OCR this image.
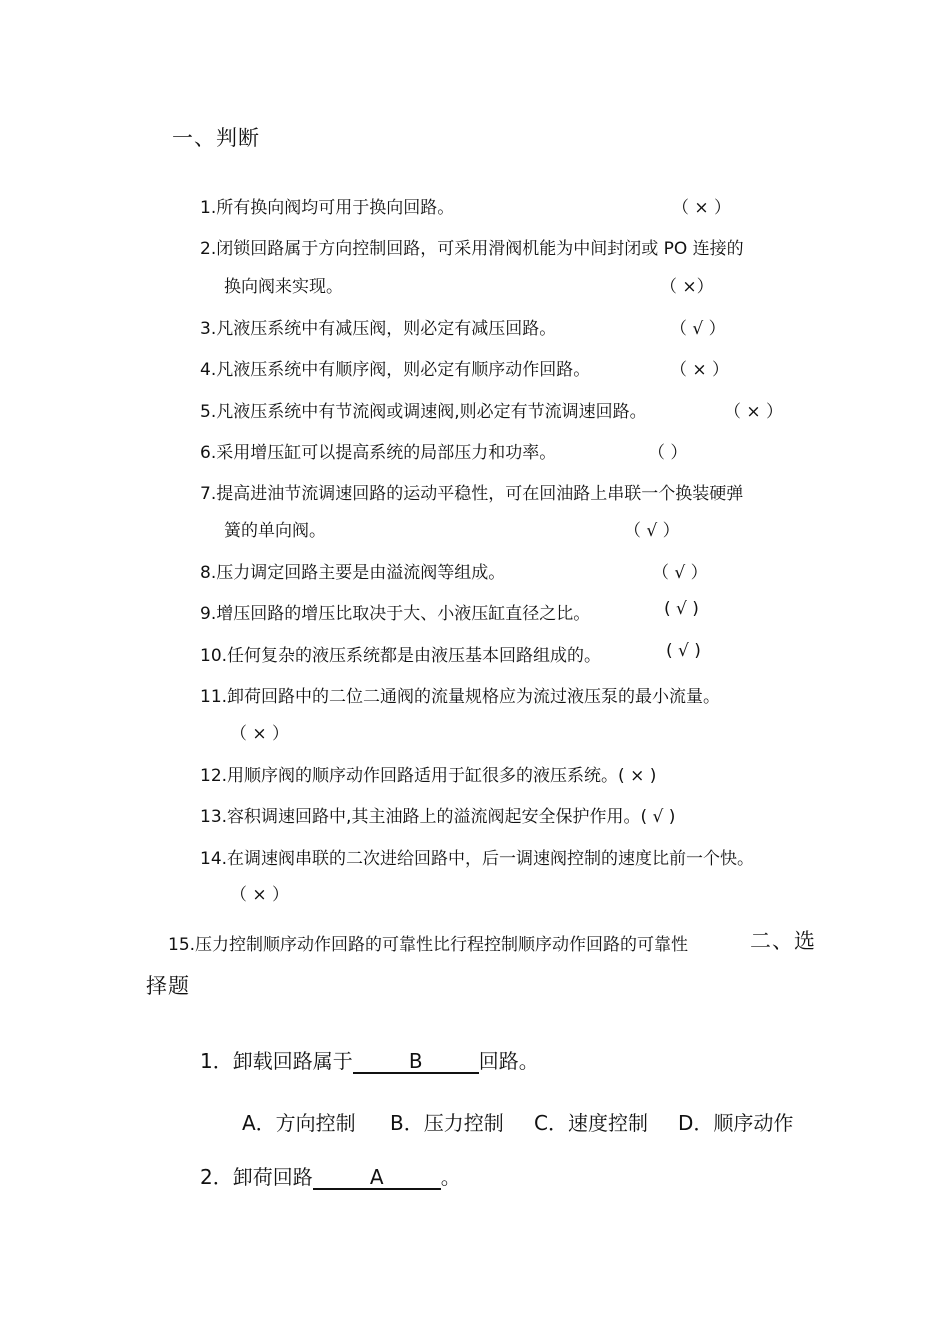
一、判断
1.所有换向阀均可用于换向回路。	（ × ）
2.闭锁回路属于方向控制回路，可采用滑阀机能为中间封闭或 PO 连接的
换向阀来实现。	（ ×）
3.凡液压系统中有减压阀，则必定有减压回路。	（ √ ）
4.凡液压系统中有顺序阀，则必定有顺序动作回路。	（ × ）
5.凡液压系统中有节流阀或调速阀,则必定有节流调速回路。	（ × ）
6.采用增压缸可以提高系统的局部压力和功率。	（ ）
7.提高进油节流调速回路的运动平稳性，可在回油路上串联一个换装硬弹
簧的单向阀。	（ √ ）
8.压力调定回路主要是由溢流阀等组成。	（ √ ）
9.增压回路的增压比取决于大、小液压缸直径之比。	( √ )
10.任何复杂的液压系统都是由液压基本回路组成的。	( √ )
11.卸荷回路中的二位二通阀的流量规格应为流过液压泵的最小流量。
（ × ）
12.用顺序阀的顺序动作回路适用于缸很多的液压系统。( × )
13.容积调速回路中,其主油路上的溢流阀起安全保护作用。( √ )
14.在调速阀串联的二次进给回路中，后一调速阀控制的速度比前一个快。
（ × ）
15.压力控制顺序动作回路的可靠性比行程控制顺序动作回路的可靠性	二、选
择题
1．卸载回路属于	B	回路。
A．方向控制 B．压力控制 C．速度控制 D．顺序动作
2．卸荷回路	A	。
